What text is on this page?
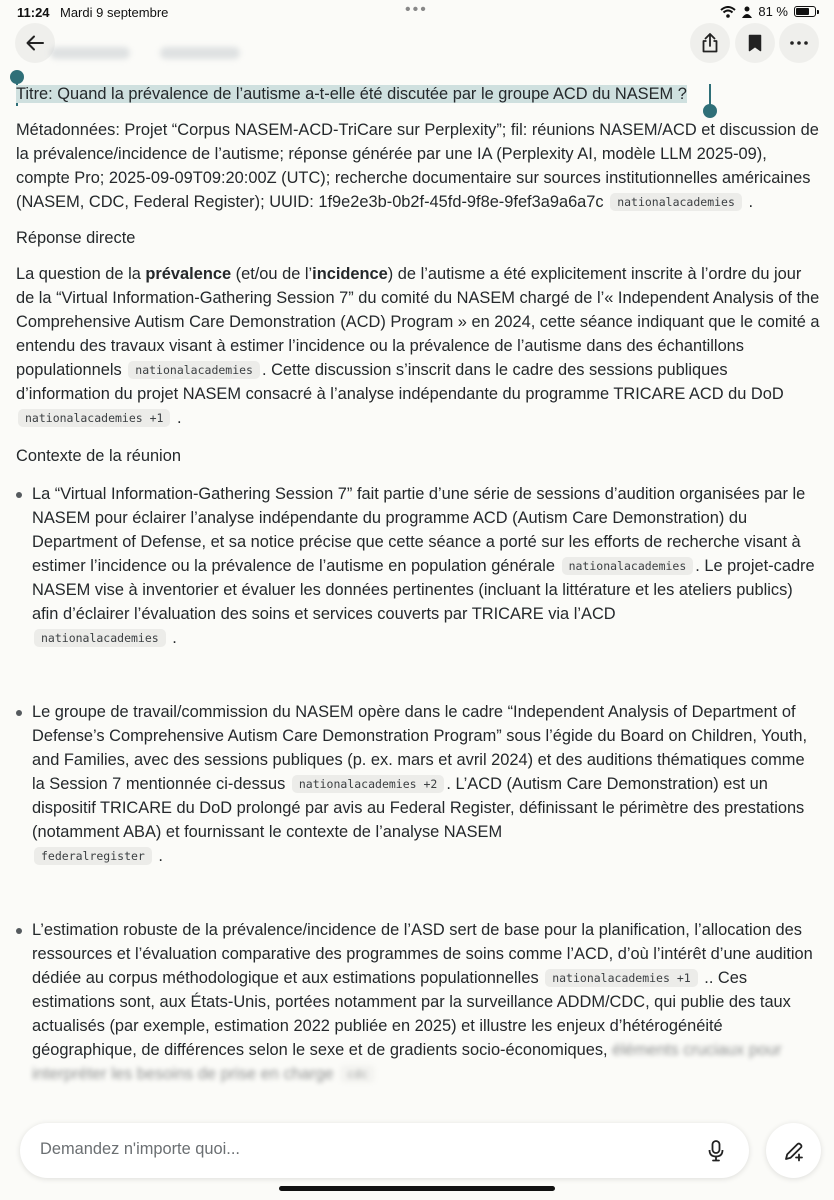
11:24 Mardi 9 septembre	•••	81 %

Titre: Quand la prévalence de l’autisme a-t-elle été discutée par le groupe ACD du NASEM ?

Métadonnées: Projet “Corpus NASEM-ACD-TriCare sur Perplexity”; fil: réunions NASEM/ACD et discussion de la prévalence/incidence de l’autisme; réponse générée par une IA (Perplexity AI, modèle LLM 2025-09), compte Pro; 2025-09-09T09:20:00Z (UTC); recherche documentaire sur sources institutionnelles américaines (NASEM, CDC, Federal Register); UUID: 1f9e2e3b-0b2f-45fd-9f8e-9fef3a9a6a7c nationalacademies .

Réponse directe

La question de la prévalence (et/ou de l’incidence) de l’autisme a été explicitement inscrite à l’ordre du jour de la “Virtual Information-Gathering Session 7” du comité du NASEM chargé de l’« Independent Analysis of the Comprehensive Autism Care Demonstration (ACD) Program » en 2024, cette séance indiquant que le comité a entendu des travaux visant à estimer l’incidence ou la prévalence de l’autisme dans des échantillons populationnels nationalacademies . Cette discussion s’inscrit dans le cadre des sessions publiques d’information du projet NASEM consacré à l’analyse indépendante du programme TRICARE ACD du DoD nationalacademies +1 .

Contexte de la réunion

La “Virtual Information-Gathering Session 7” fait partie d’une série de sessions d’audition organisées par le NASEM pour éclairer l’analyse indépendante du programme ACD (Autism Care Demonstration) du Department of Defense, et sa notice précise que cette séance a porté sur les efforts de recherche visant à estimer l’incidence ou la prévalence de l’autisme en population générale nationalacademies . Le projet-cadre NASEM vise à inventorier et évaluer les données pertinentes (incluant la littérature et les ateliers publics) afin d’éclairer l’évaluation des soins et services couverts par TRICARE via l’ACD
nationalacademies .
Le groupe de travail/commission du NASEM opère dans le cadre “Independent Analysis of Department of Defense’s Comprehensive Autism Care Demonstration Program” sous l’égide du Board on Children, Youth, and Families, avec des sessions publiques (p. ex. mars et avril 2024) et des auditions thématiques comme la Session 7 mentionnée ci-dessus nationalacademies +2 . L’ACD (Autism Care Demonstration) est un dispositif TRICARE du DoD prolongé par avis au Federal Register, définissant le périmètre des prestations (notamment ABA) et fournissant le contexte de l’analyse NASEM
federalregister .
L’estimation robuste de la prévalence/incidence de l’ASD sert de base pour la planification, l’allocation des ressources et l’évaluation comparative des programmes de soins comme l’ACD, d’où l’intérêt d’une audition dédiée au corpus méthodologique et aux estimations populationnelles nationalacademies +1 .. Ces estimations sont, aux États-Unis, portées notamment par la surveillance ADDM/CDC, qui publie des taux actualisés (par exemple, estimation 2022 publiée en 2025) et illustre les enjeux d’hétérogénéité géographique, de différences selon le sexe et de gradients socio-économiques, éléments cruciaux pour interpréter les besoins de prise en charge cdc
Demandez n'importe quoi...
